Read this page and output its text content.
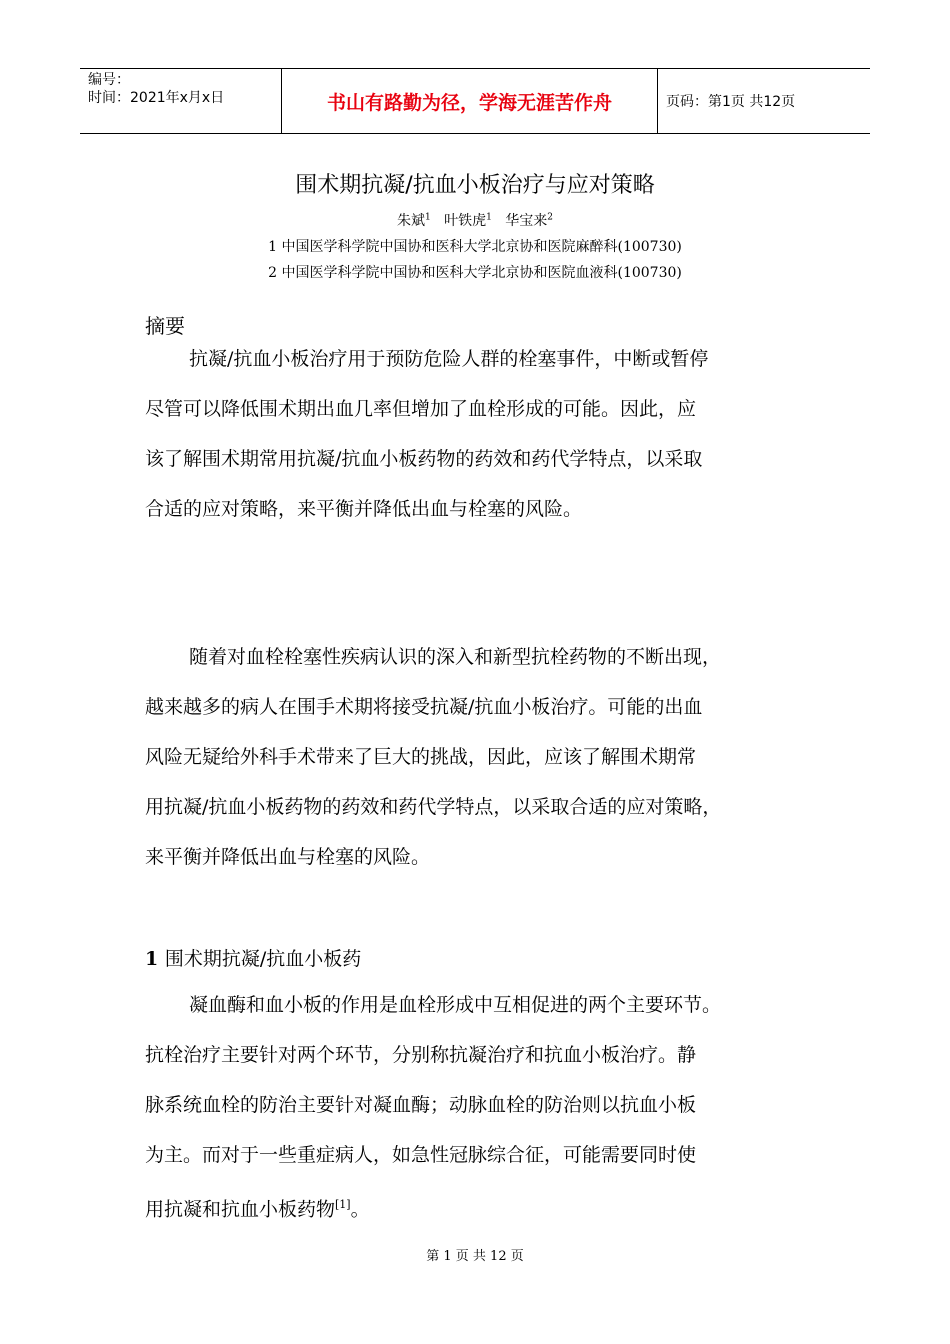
编号：
时间：2021年x月x日	书山有路勤为径，学海无涯苦作舟	页码：第1页 共12页
围术期抗凝/抗血小板治疗与应对策略
朱斌$^1$ 叶铁虎$^1$ 华宝来$^2$
1 中国医学科学院中国协和医科大学北京协和医院麻醉科(100730)
2 中国医学科学院中国协和医科大学北京协和医院血液科(100730)
摘要
抗凝/抗血小板治疗用于预防危险人群的栓塞事件，中断或暂停
尽管可以降低围术期出血几率但增加了血栓形成的可能。因此，应
该了解围术期常用抗凝/抗血小板药物的药效和药代学特点，以采取
合适的应对策略，来平衡并降低出血与栓塞的风险。
随着对血栓栓塞性疾病认识的深入和新型抗栓药物的不断出现，
越来越多的病人在围手术期将接受抗凝/抗血小板治疗。可能的出血
风险无疑给外科手术带来了巨大的挑战，因此，应该了解围术期常
用抗凝/抗血小板药物的药效和药代学特点，以采取合适的应对策略，
来平衡并降低出血与栓塞的风险。
1 围术期抗凝/抗血小板药
凝血酶和血小板的作用是血栓形成中互相促进的两个主要环节。
抗栓治疗主要针对两个环节，分别称抗凝治疗和抗血小板治疗。静
脉系统血栓的防治主要针对凝血酶；动脉血栓的防治则以抗血小板
为主。而对于一些重症病人，如急性冠脉综合征，可能需要同时使
用抗凝和抗血小板药物[1]。
第 1 页 共 12 页
